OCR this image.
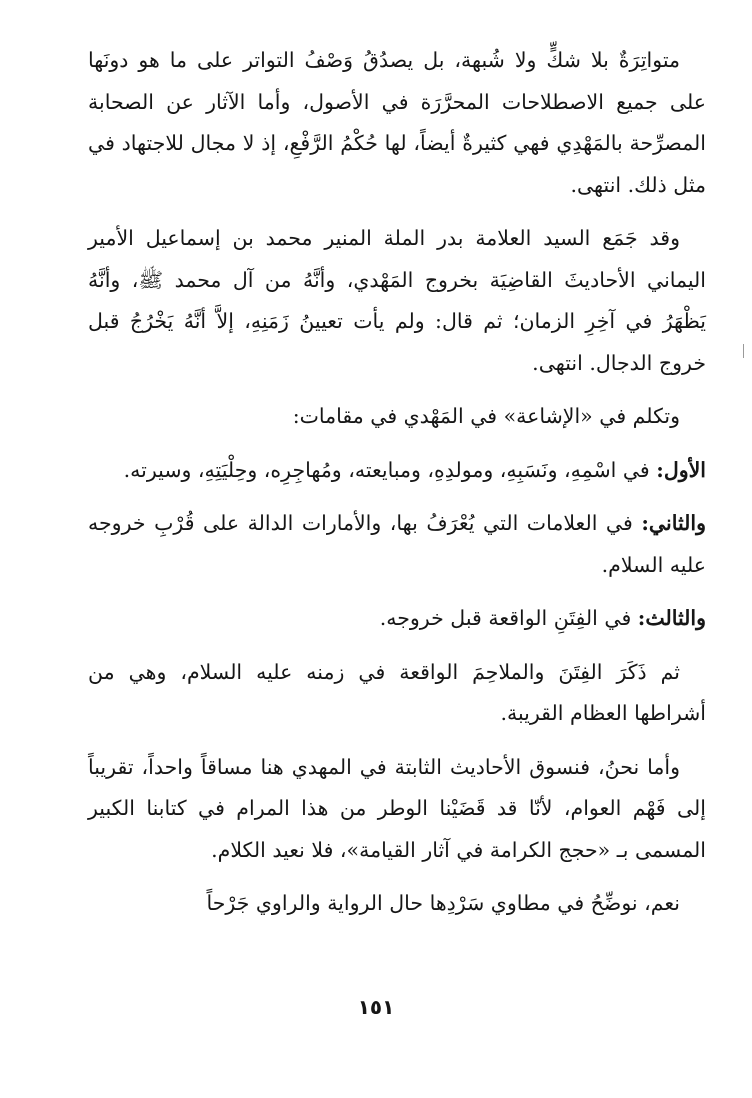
متواتِرَةٌ بلا شكٍّ ولا شُبهة، بل يصدُقُ وَصْفُ التواتر على ما هو دونَها على جميع الاصطلاحات المحرَّرَة في الأصول، وأما الآثار عن الصحابة المصرِّحة بالمَهْدِي فهي كثيرةٌ أيضاً، لها حُكْمُ الرَّفْعِ، إذ لا مجال للاجتهاد في مثل ذلك. انتهى.

وقد جَمَع السيد العلامة بدر الملة المنير محمد بن إسماعيل الأمير اليماني الأحاديثَ القاضِيَة بخروج المَهْدي، وأنَّهُ من آل محمد ﷺ، وأنَّهُ يَظْهَرُ في آخِرِ الزمان؛ ثم قال: ولم يأت تعيينُ زَمَنِهِ، إلاَّ أنَّهُ يَخْرُجُ قبل خروج الدجال. انتهى.

وتكلم في «الإشاعة» في المَهْدي في مقامات:

الأول: في اسْمِهِ، ونَسَبِهِ، ومولدِهِ، ومبايعته، ومُهاجِرِه، وحِلْيَتِهِ، وسيرته.

والثاني: في العلامات التي يُعْرَفُ بها، والأمارات الدالة على قُرْبِ خروجه عليه السلام.

والثالث: في الفِتَنِ الواقعة قبل خروجه.

ثم ذَكَرَ الفِتَنَ والملاحِمَ الواقعة في زمنه عليه السلام، وهي من أشراطها العظام القريبة.

وأما نحنُ، فنسوق الأحاديث الثابتة في المهدي هنا مساقاً واحداً، تقريباً إلى فَهْم العوام، لأنّا قد قَضَيْنا الوطر من هذا المرام في كتابنا الكبير المسمى بـ «حجج الكرامة في آثار القيامة»، فلا نعيد الكلام.

نعم، نوضِّحُ في مطاوي سَرْدِها حال الرواية والراوي جَرْحاً

١٥١
